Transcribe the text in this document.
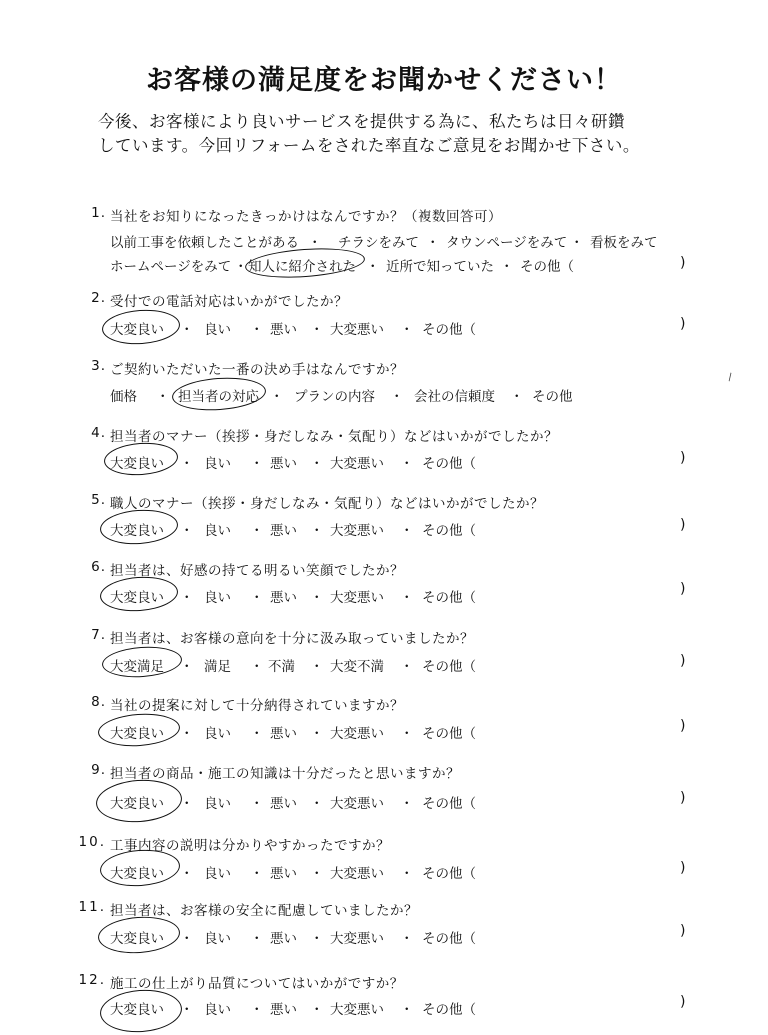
お客様の満足度をお聞かせください！
今後、お客様により良いサービスを提供する為に、私たちは日々研鑽
しています。今回リフォームをされた率直なご意見をお聞かせ下さい。
1. 当社をお知りになったきっかけはなんですか？（複数回答可）
以前工事を依頼したことがある ・ チラシをみて ・ タウンページをみて ・ 看板をみて
ホームページをみて ・ 知人に紹介された ・ 近所で知っていた ・ その他（	)
2. 受付での電話対応はいかがでしたか？
大変良い ・ 良い ・ 悪い ・ 大変悪い ・ その他（	)
3. ご契約いただいた一番の決め手はなんですか？
価格 ・ 担当者の対応 ・ プランの内容 ・ 会社の信頼度 ・ その他
\
4. 担当者のマナー（挨拶・身だしなみ・気配り）などはいかがでしたか？
大変良い ・ 良い ・ 悪い ・ 大変悪い ・ その他（	)
5. 職人のマナー（挨拶・身だしなみ・気配り）などはいかがでしたか？
大変良い ・ 良い ・ 悪い ・ 大変悪い ・ その他（	)
6. 担当者は、好感の持てる明るい笑顔でしたか？
大変良い ・ 良い ・ 悪い ・ 大変悪い ・ その他（
)
7. 担当者は、お客様の意向を十分に汲み取っていましたか？
大変満足 ・ 満足 ・ 不満 ・ 大変不満 ・ その他（	)
8. 当社の提案に対して十分納得されていますか？
大変良い ・ 良い ・ 悪い ・ 大変悪い ・ その他（	)
9. 担当者の商品・施工の知識は十分だったと思いますか？
大変良い ・ 良い ・ 悪い ・ 大変悪い ・ その他（	)
10. 工事内容の説明は分かりやすかったですか？
大変良い ・ 良い ・ 悪い ・ 大変悪い ・ その他（	)
11. 担当者は、お客様の安全に配慮していましたか？
大変良い ・ 良い ・ 悪い ・ 大変悪い ・ その他（	)
12. 施工の仕上がり品質についてはいかがですか？
大変良い ・ 良い ・ 悪い ・ 大変悪い ・ その他（	)
